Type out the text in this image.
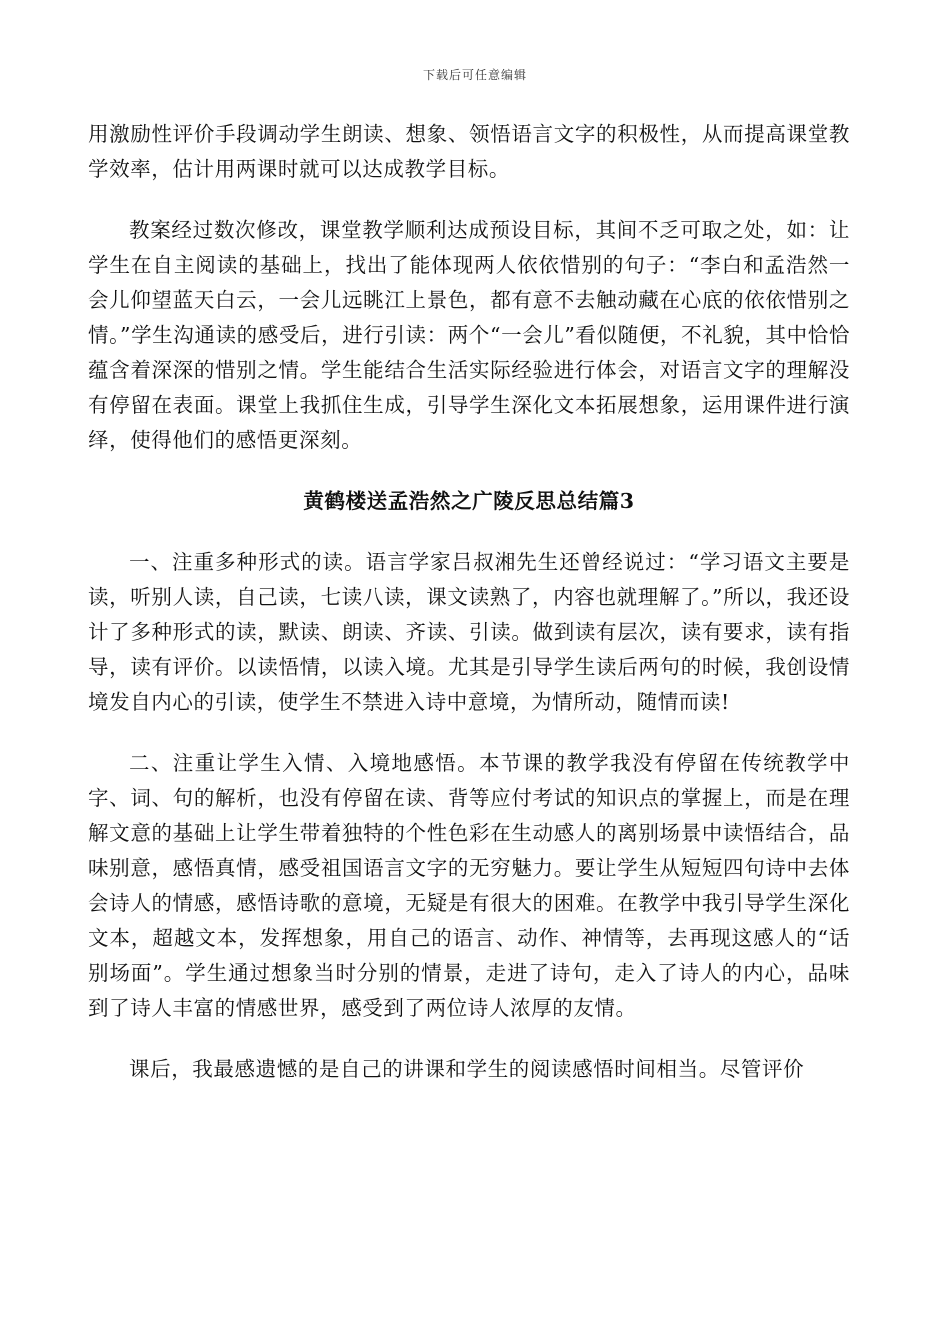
下载后可任意编辑

用激励性评价手段调动学生朗读、想象、领悟语言文字的积极性，从而提高课堂教学效率，估计用两课时就可以达成教学目标。

教案经过数次修改，课堂教学顺利达成预设目标，其间不乏可取之处，如：让学生在自主阅读的基础上，找出了能体现两人依依惜别的句子：“李白和孟浩然一会儿仰望蓝天白云，一会儿远眺江上景色，都有意不去触动藏在心底的依依惜别之情。”学生沟通读的感受后，进行引读：两个“一会儿”看似随便，不礼貌，其中恰恰蕴含着深深的惜别之情。学生能结合生活实际经验进行体会，对语言文字的理解没有停留在表面。课堂上我抓住生成，引导学生深化文本拓展想象，运用课件进行演绎，使得他们的感悟更深刻。

黄鹤楼送孟浩然之广陵反思总结篇3

一、注重多种形式的读。语言学家吕叔湘先生还曾经说过：“学习语文主要是读，听别人读，自己读，七读八读，课文读熟了，内容也就理解了。”所以，我还设计了多种形式的读，默读、朗读、齐读、引读。做到读有层次，读有要求，读有指导，读有评价。以读悟情，以读入境。尤其是引导学生读后两句的时候，我创设情境发自内心的引读，使学生不禁进入诗中意境，为情所动，随情而读!

二、注重让学生入情、入境地感悟。本节课的教学我没有停留在传统教学中字、词、句的解析，也没有停留在读、背等应付考试的知识点的掌握上，而是在理解文意的基础上让学生带着独特的个性色彩在生动感人的离别场景中读悟结合，品味别意，感悟真情，感受祖国语言文字的无穷魅力。要让学生从短短四句诗中去体会诗人的情感，感悟诗歌的意境，无疑是有很大的困难。在教学中我引导学生深化文本，超越文本，发挥想象，用自己的语言、动作、神情等，去再现这感人的“话别场面”。学生通过想象当时分别的情景，走进了诗句，走入了诗人的内心，品味到了诗人丰富的情感世界，感受到了两位诗人浓厚的友情。

课后，我最感遗憾的是自己的讲课和学生的阅读感悟时间相当。尽管评价
